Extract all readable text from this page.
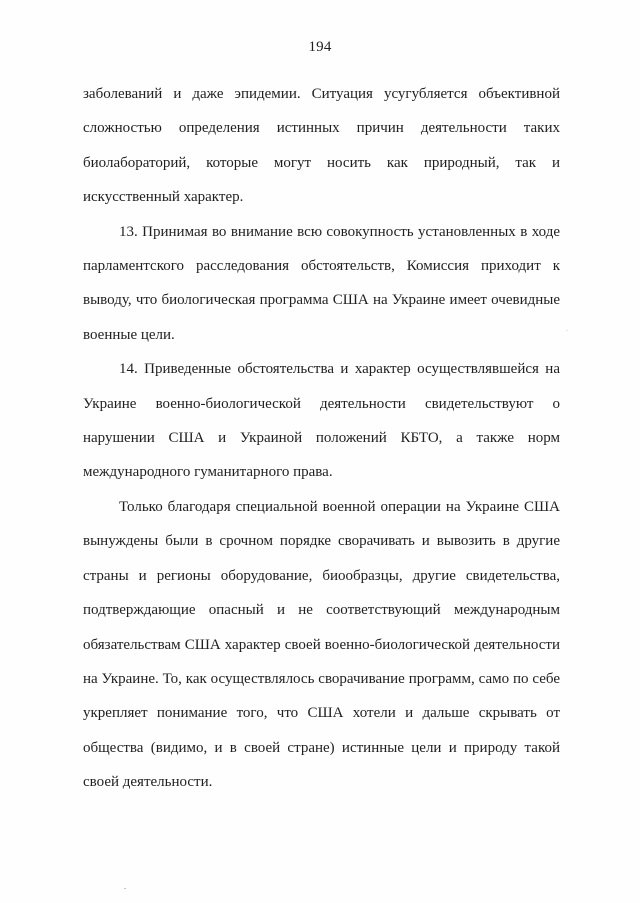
194

заболеваний и даже эпидемии. Ситуация усугубляется объективной сложностью определения истинных причин деятельности таких биолабораторий, которые могут носить как природный, так и искусственный характер.

13. Принимая во внимание всю совокупность установленных в ходе парламентского расследования обстоятельств, Комиссия приходит к выводу, что биологическая программа США на Украине имеет очевидные военные цели.

14. Приведенные обстоятельства и характер осуществлявшейся на Украине военно-биологической деятельности свидетельствуют о нарушении США и Украиной положений КБТО, а также норм международного гуманитарного права.

Только благодаря специальной военной операции на Украине США вынуждены были в срочном порядке сворачивать и вывозить в другие страны и регионы оборудование, биообразцы, другие свидетельства, подтверждающие опасный и не соответствующий международным обязательствам США характер своей военно-биологической деятельности на Украине. То, как осуществлялось сворачивание программ, само по себе укрепляет понимание того, что США хотели и дальше скрывать от общества (видимо, и в своей стране) истинные цели и природу такой своей деятельности.
